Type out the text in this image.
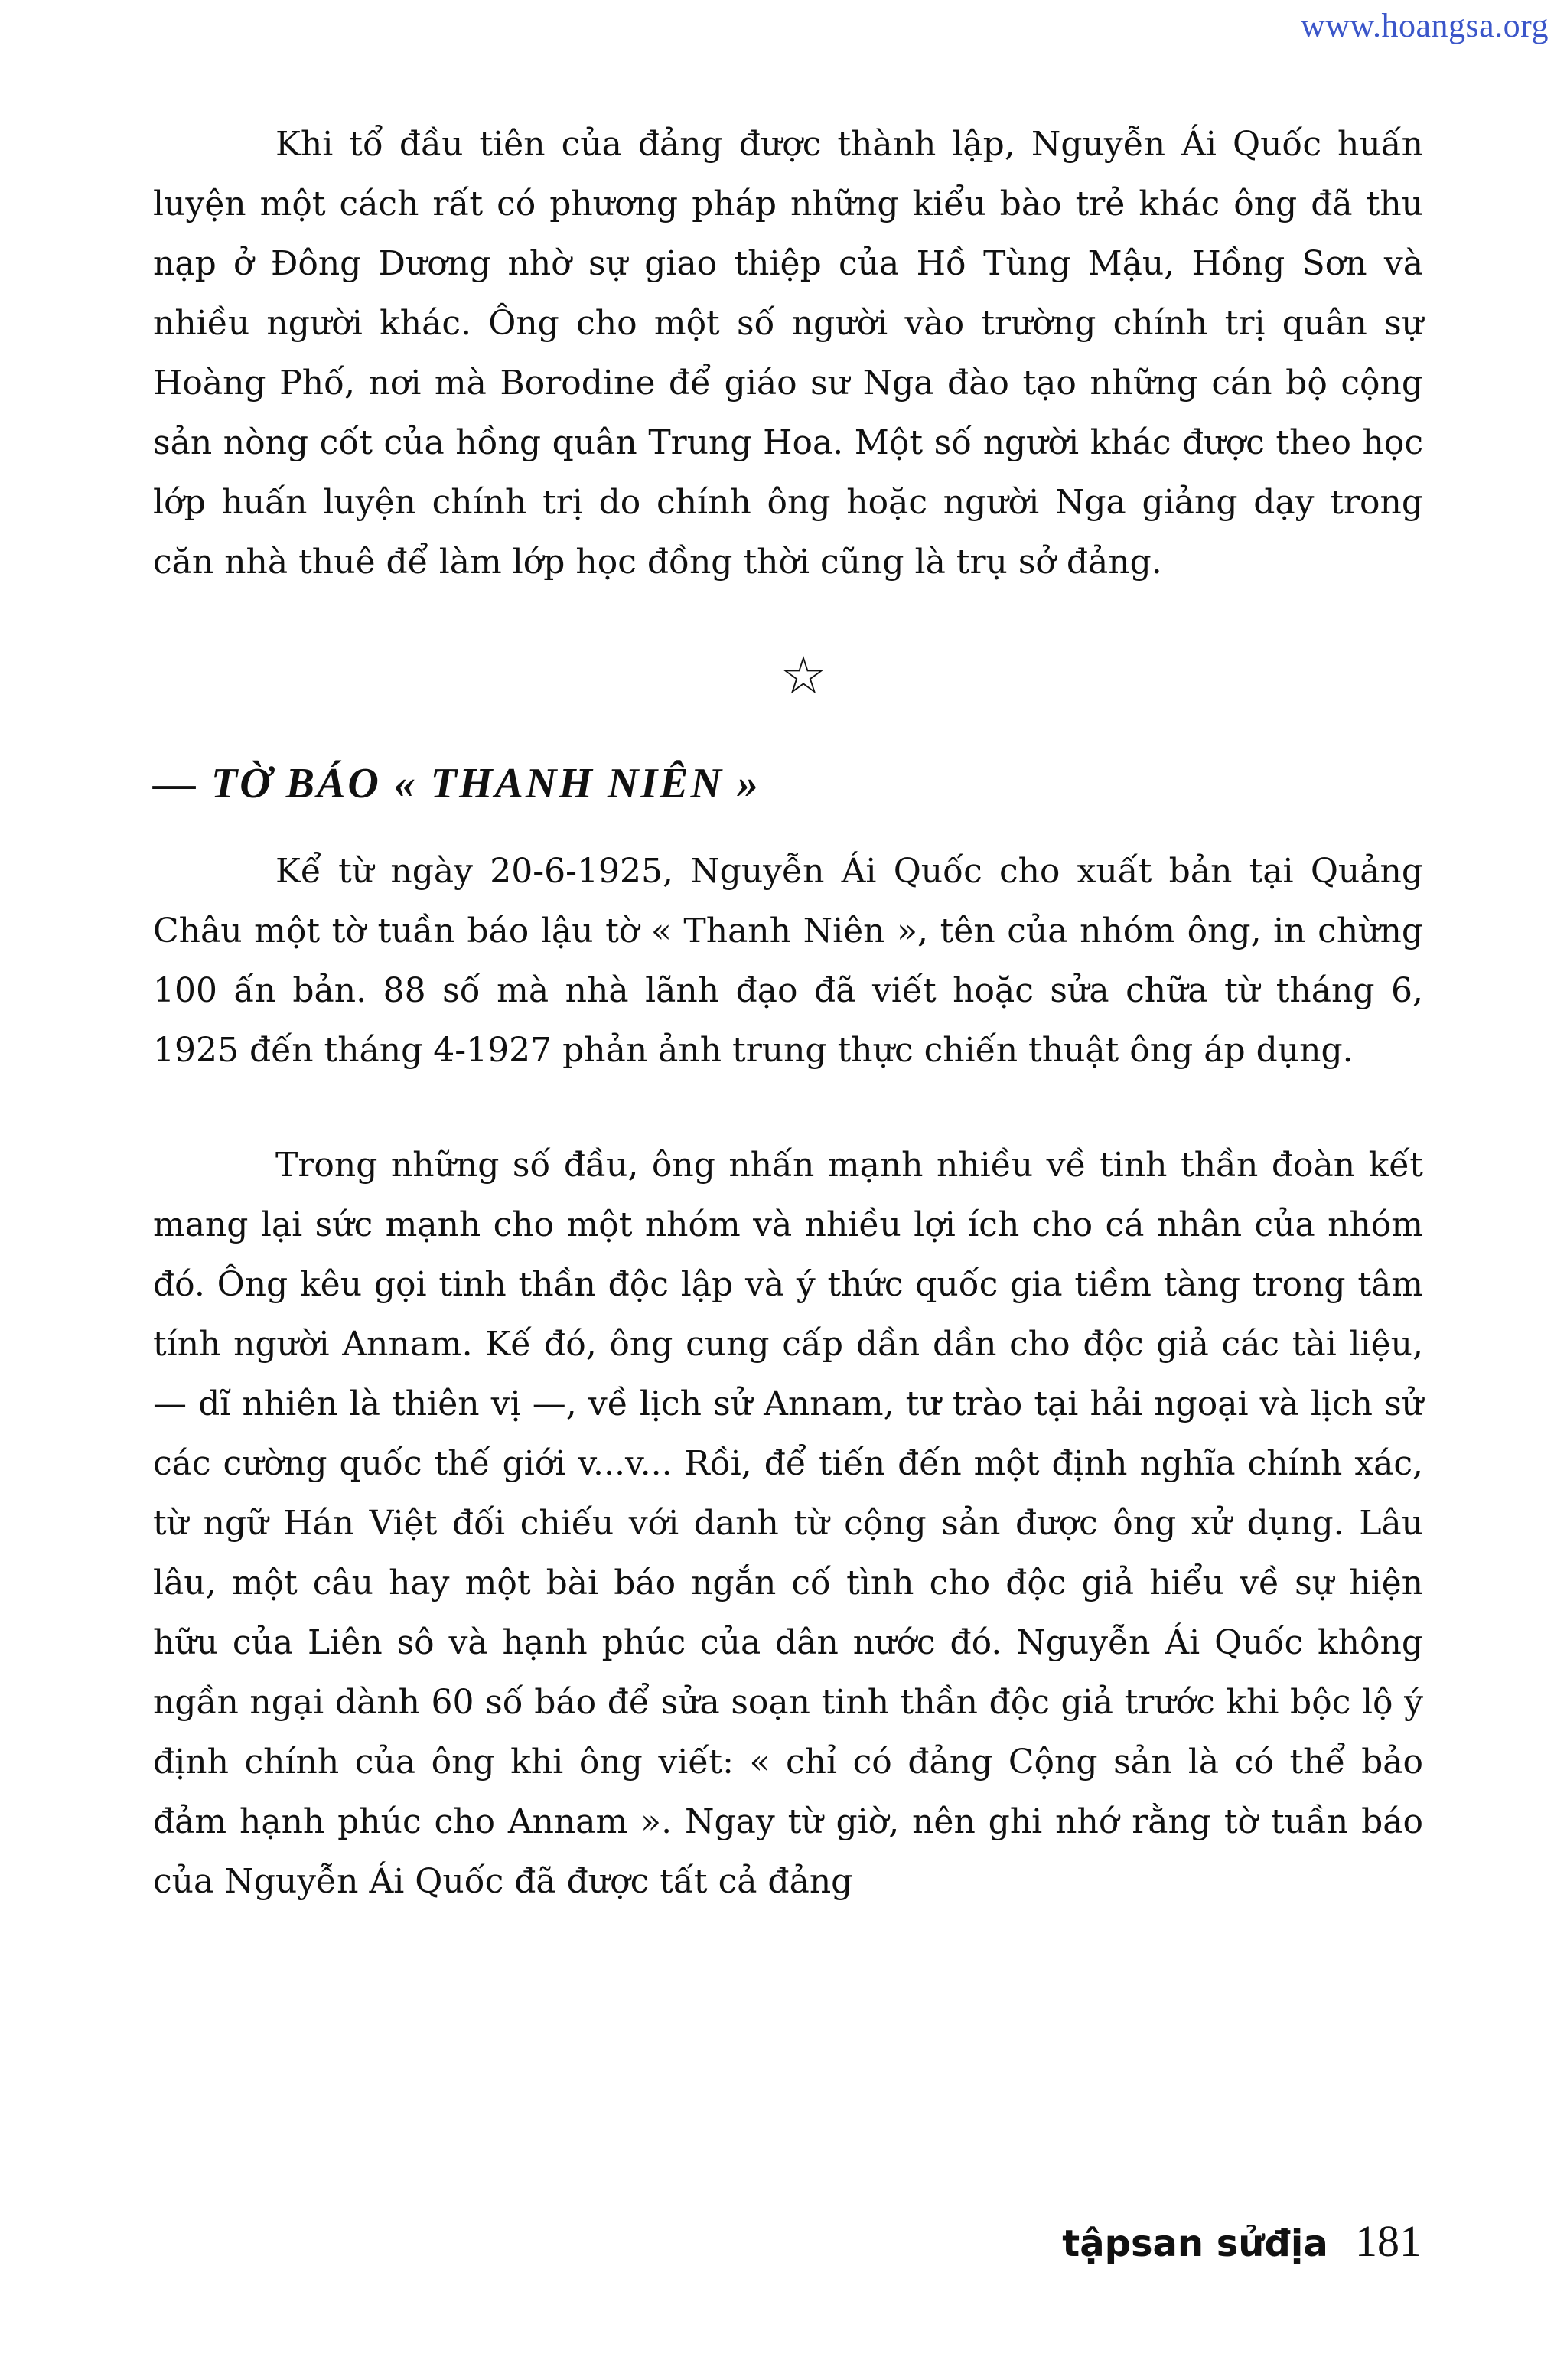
www.hoangsa.org

Khi tổ đầu tiên của đảng được thành lập, Nguyễn Ái Quốc huấn luyện một cách rất có phương pháp những kiểu bào trẻ khác ông đã thu nạp ở Đông Dương nhờ sự giao thiệp của Hồ Tùng Mậu, Hồng Sơn và nhiều người khác. Ông cho một số người vào trường chính trị quân sự Hoàng Phố, nơi mà Borodine để giáo sư Nga đào tạo những cán bộ cộng sản nòng cốt của hồng quân Trung Hoa. Một số người khác được theo học lớp huấn luyện chính trị do chính ông hoặc người Nga giảng dạy trong căn nhà thuê để làm lớp học đồng thời cũng là trụ sở đảng.

☆
— TỜ BÁO « THANH NIÊN »

Kể từ ngày 20-6-1925, Nguyễn Ái Quốc cho xuất bản tại Quảng Châu một tờ tuần báo lậu tờ « Thanh Niên », tên của nhóm ông, in chừng 100 ấn bản. 88 số mà nhà lãnh đạo đã viết hoặc sửa chữa từ tháng 6, 1925 đến tháng 4-1927 phản ảnh trung thực chiến thuật ông áp dụng.

Trong những số đầu, ông nhấn mạnh nhiều về tinh thần đoàn kết mang lại sức mạnh cho một nhóm và nhiều lợi ích cho cá nhân của nhóm đó. Ông kêu gọi tinh thần độc lập và ý thức quốc gia tiềm tàng trong tâm tính người Annam. Kế đó, ông cung cấp dần dần cho độc giả các tài liệu, — dĩ nhiên là thiên vị —, về lịch sử Annam, tư trào tại hải ngoại và lịch sử các cường quốc thế giới v...v... Rồi, để tiến đến một định nghĩa chính xác, từ ngữ Hán Việt đối chiếu với danh từ cộng sản được ông xử dụng. Lâu lâu, một câu hay một bài báo ngắn cố tình cho độc giả hiểu về sự hiện hữu của Liên sô và hạnh phúc của dân nước đó. Nguyễn Ái Quốc không ngần ngại dành 60 số báo để sửa soạn tinh thần độc giả trước khi bộc lộ ý định chính của ông khi ông viết: « chỉ có đảng Cộng sản là có thể bảo đảm hạnh phúc cho Annam ». Ngay từ giờ, nên ghi nhớ rằng tờ tuần báo của Nguyễn Ái Quốc đã được tất cả đảng

tậpsan sửđịa 181
